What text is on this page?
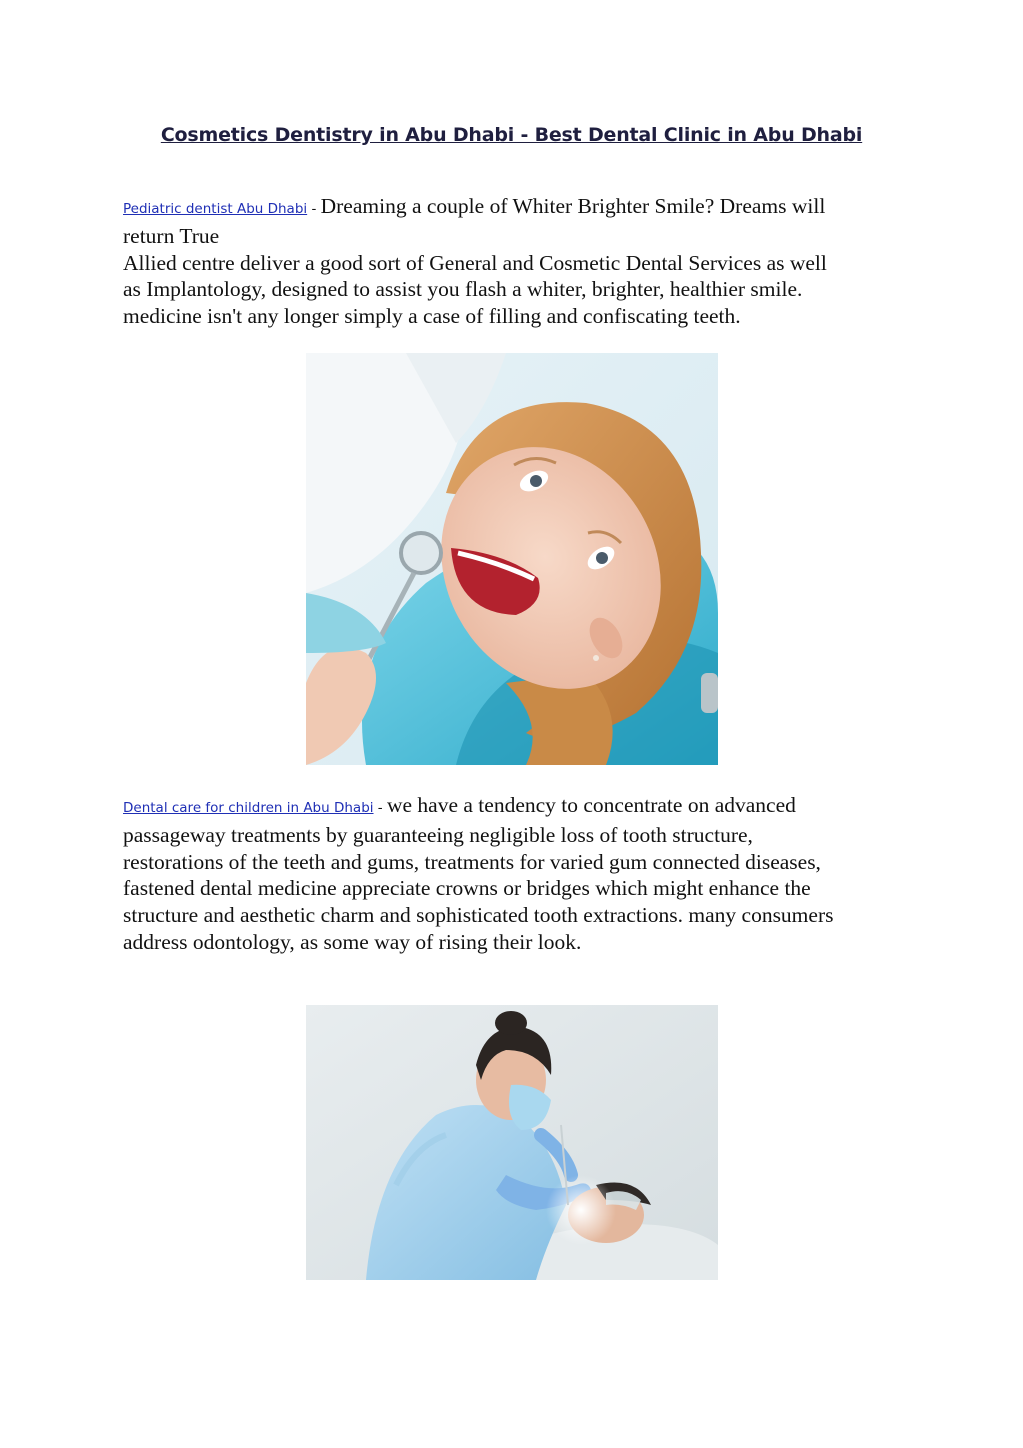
Cosmetics Dentistry in Abu Dhabi - Best Dental Clinic in Abu Dhabi

Pediatric dentist Abu Dhabi - Dreaming a couple of Whiter Brighter Smile? Dreams will
return True
Allied centre deliver a good sort of General and Cosmetic Dental Services as well
as Implantology, designed to assist you flash a whiter, brighter, healthier smile.
medicine isn't any longer simply a case of filling and confiscating teeth.

Dental care for children in Abu Dhabi - we have a tendency to concentrate on advanced
passageway treatments by guaranteeing negligible loss of tooth structure,
restorations of the teeth and gums, treatments for varied gum connected diseases,
fastened dental medicine appreciate crowns or bridges which might enhance the
structure and aesthetic charm and sophisticated tooth extractions. many consumers
address odontology, as some way of rising their look.
